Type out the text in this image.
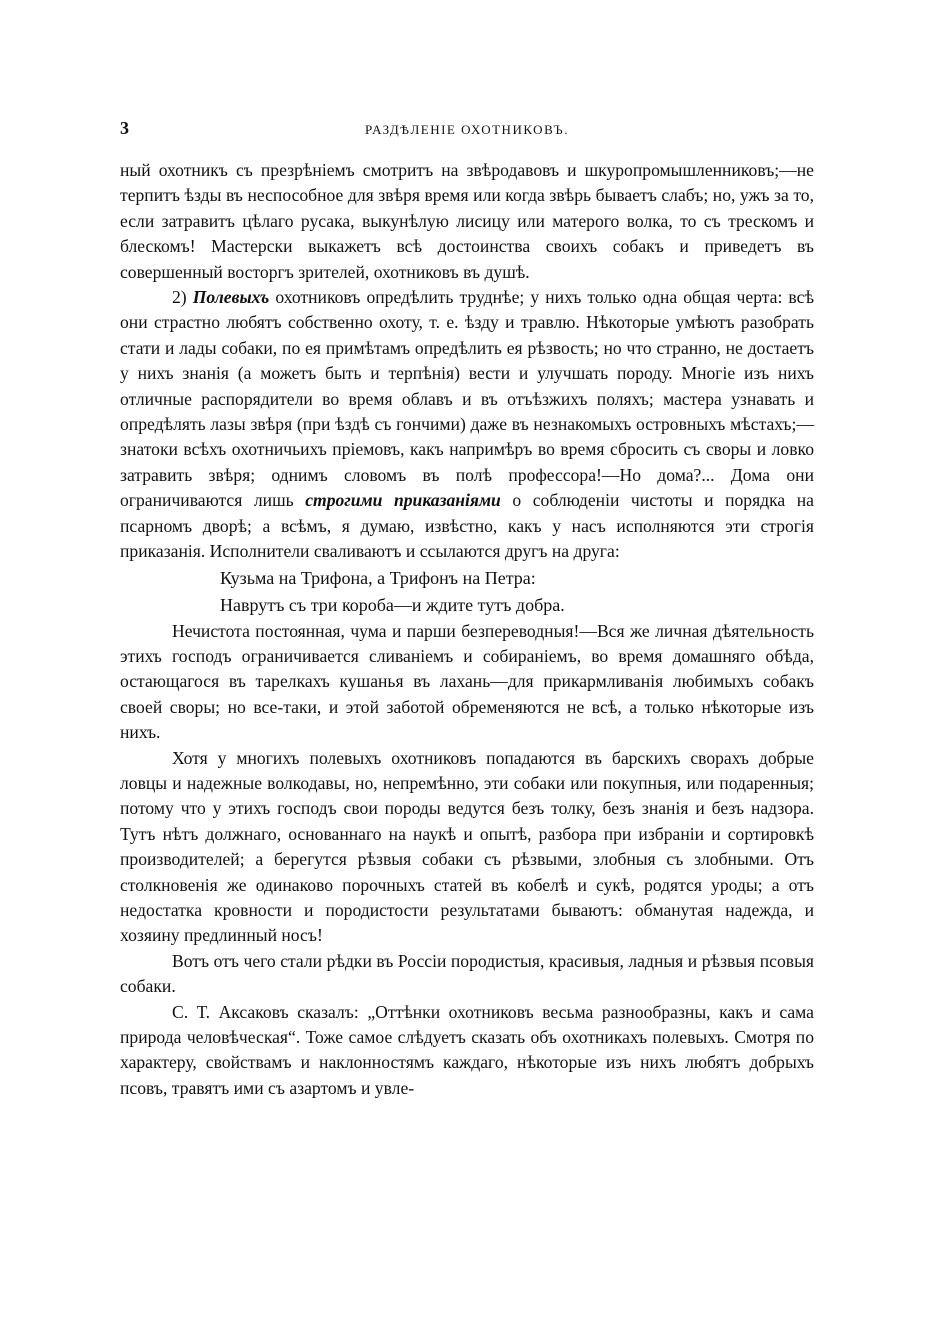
3	РАЗДѢЛЕНІЕ ОХОТНИКОВЪ.

ный охотникъ съ презрѣніемъ смотритъ на звѣродавовъ и шкуропромышленниковъ;—не терпитъ ѣзды въ неспособное для звѣря время или когда звѣрь бываетъ слабъ; но, ужъ за то, если затравитъ цѣлаго русака, выкунѣлую лисицу или матерого волка, то съ трескомъ и блескомъ! Мастерски выкажетъ всѣ достоинства своихъ собакъ и приведетъ въ совершенный восторгъ зрителей, охотниковъ въ душѣ.

2) Полевыхъ охотниковъ опредѣлить труднѣе; у нихъ только одна общая черта: всѣ они страстно любятъ собственно охоту, т. е. ѣзду и травлю. Нѣкоторые умѣютъ разобрать стати и лады собаки, по ея примѣтамъ опредѣлить ея рѣзвость; но что странно, не достаетъ у нихъ знанія (а можетъ быть и терпѣнія) вести и улучшать породу. Многіе изъ нихъ отличные распорядители во время облавъ и въ отъѣзжихъ поляхъ; мастера узнавать и опредѣлять лазы звѣря (при ѣздѣ съ гончими) даже въ незнакомыхъ островныхъ мѣстахъ;—знатоки всѣхъ охотничьихъ пріемовъ, какъ напримѣръ во время сбросить съ своры и ловко затравить звѣря; однимъ словомъ въ полѣ профессора!—Но дома?... Дома они ограничиваются лишь строгими приказаніями о соблюденіи чистоты и порядка на псарномъ дворѣ; а всѣмъ, я думаю, извѣстно, какъ у насъ исполняются эти строгія приказанія. Исполнители сваливаютъ и ссылаются другъ на друга:

Кузьма на Трифона, а Трифонъ на Петра:
Наврутъ съ три короба—и ждите тутъ добра.

Нечистота постоянная, чума и парши безпереводныя!—Вся же личная дѣятельность этихъ господъ ограничивается сливаніемъ и собираніемъ, во время домашняго обѣда, остающагося въ тарелкахъ кушанья въ лахань—для прикармливанія любимыхъ собакъ своей своры; но все-таки, и этой заботой обременяются не всѣ, а только нѣкоторые изъ нихъ.

Хотя у многихъ полевыхъ охотниковъ попадаются въ барскихъ сворахъ добрые ловцы и надежные волкодавы, но, непремѣнно, эти собаки или покупныя, или подаренныя; потому что у этихъ господъ свои породы ведутся безъ толку, безъ знанія и безъ надзора. Тутъ нѣтъ должнаго, основаннаго на наукѣ и опытѣ, разбора при избраніи и сортировкѣ производителей; а берегутся рѣзвыя собаки съ рѣзвыми, злобныя съ злобными. Отъ столкновенія же одинаково порочныхъ статей въ кобелѣ и сукѣ, родятся уроды; а отъ недостатка кровности и породистости результатами бываютъ: обманутая надежда, и хозяину предлинный носъ!

Вотъ отъ чего стали рѣдки въ Россіи породистыя, красивыя, ладныя и рѣзвыя псовыя собаки.

С. Т. Аксаковъ сказалъ: „Оттѣнки охотниковъ весьма разнообразны, какъ и сама природа человѣческая“. Тоже самое слѣдуетъ сказать объ охотникахъ полевыхъ. Смотря по характеру, свойствамъ и наклонностямъ каждаго, нѣкоторые изъ нихъ любятъ добрыхъ псовъ, травятъ ими съ азартомъ и увле-
